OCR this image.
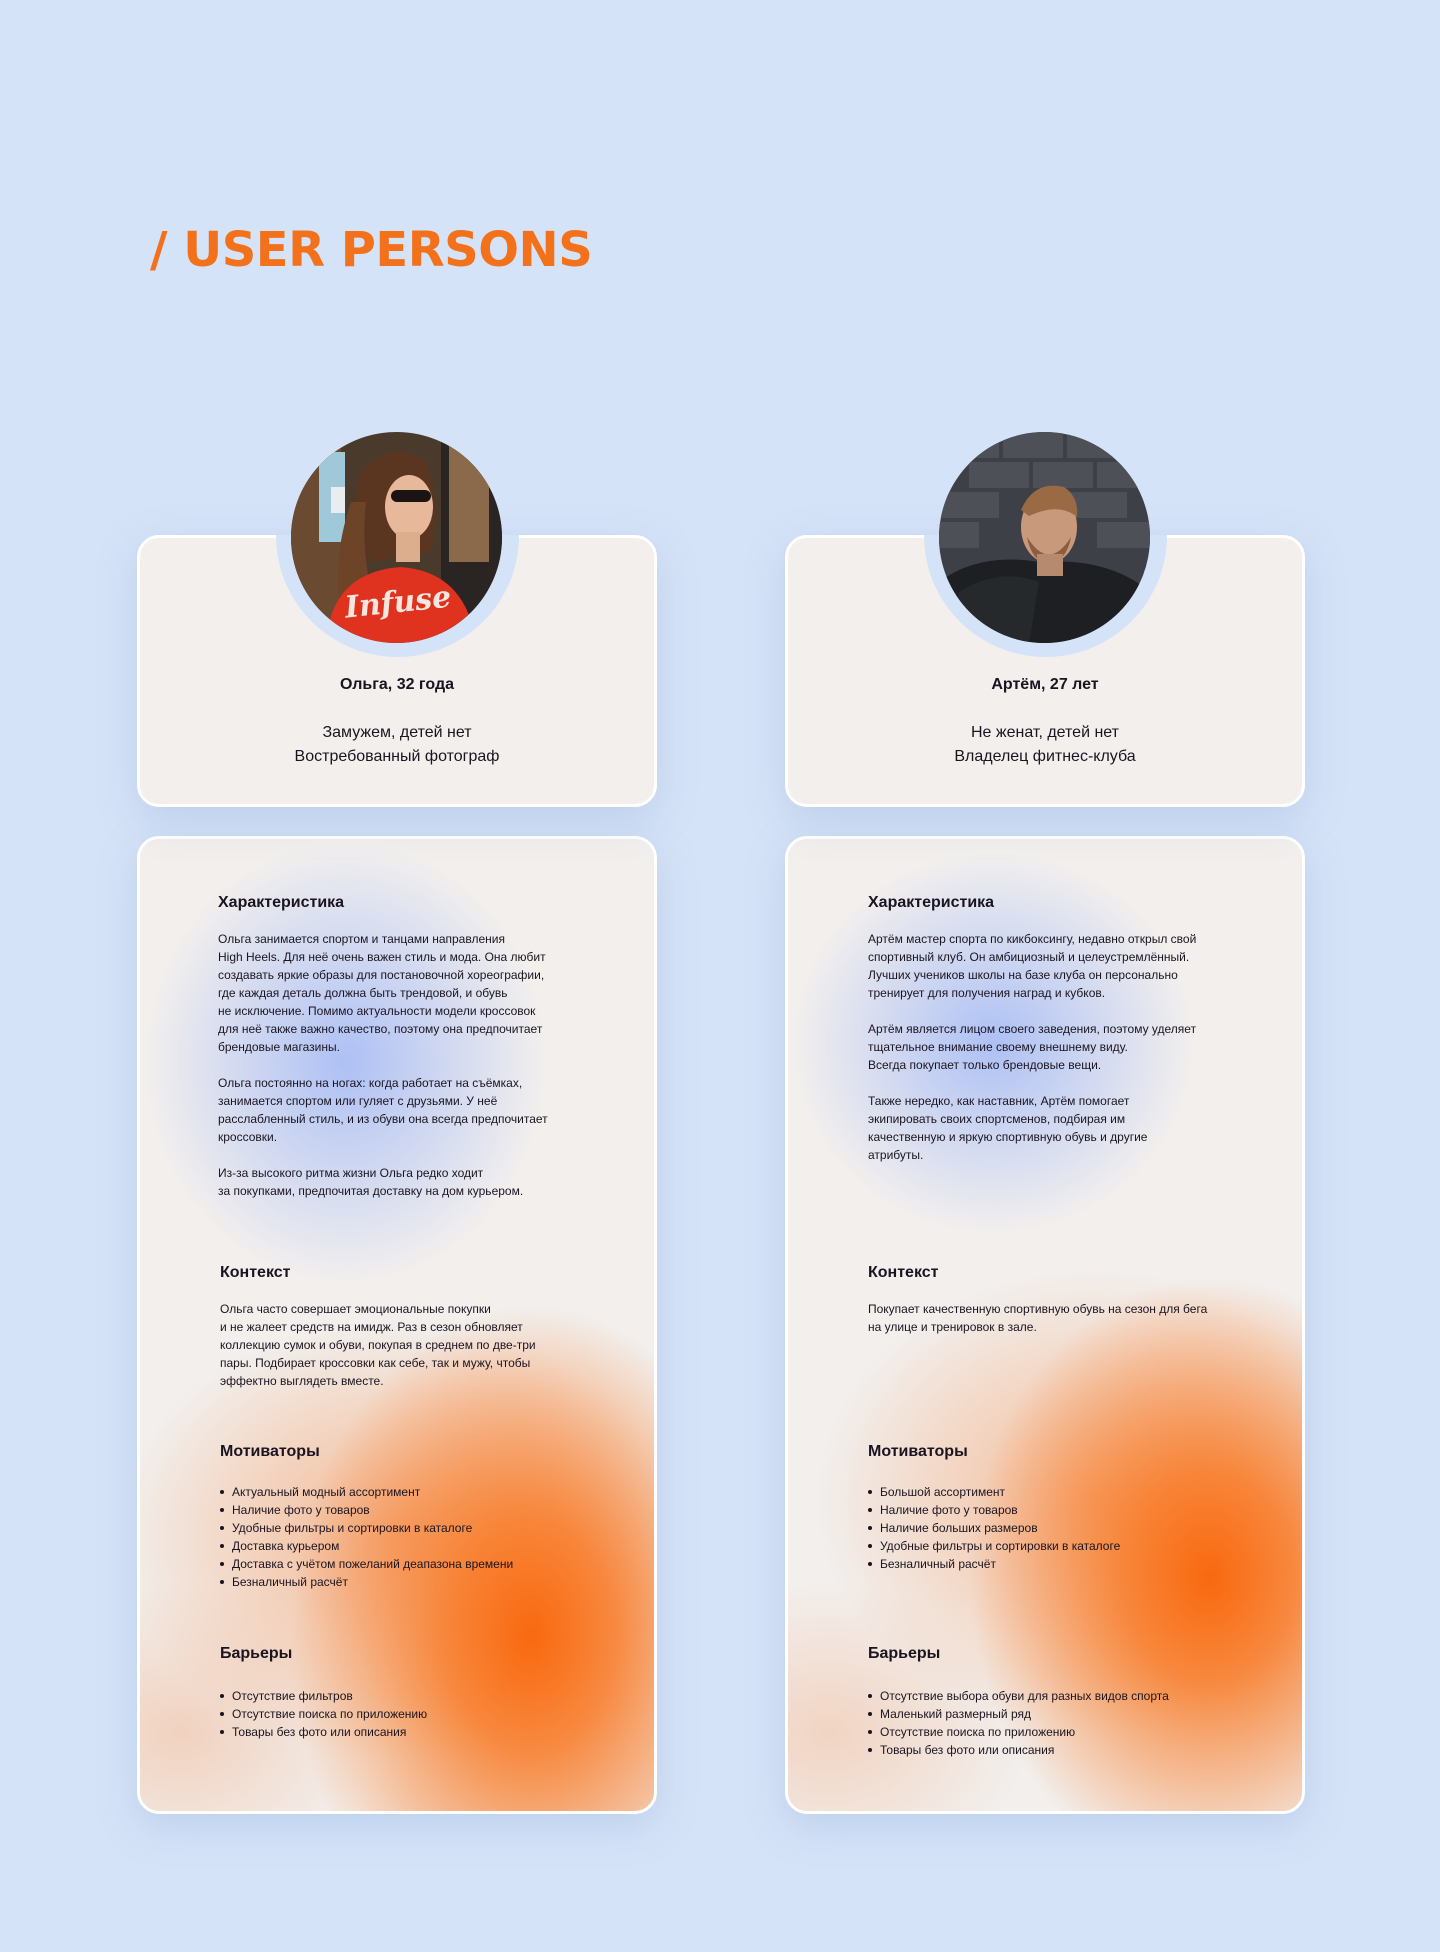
/ USER PERSONS
Infuse
Ольга, 32 года
Замужем, детей нет
Востребованный фотограф
Характеристика

Ольга занимается спортом и танцами направления
High Heels. Для неё очень важен стиль и мода. Она любит
создавать яркие образы для постановочной хореографии,
где каждая деталь должна быть трендовой, и обувь
не исключение. Помимо актуальности модели кроссовок
для неё также важно качество, поэтому она предпочитает
брендовые магазины.

Ольга постоянно на ногах: когда работает на съёмках,
занимается спортом или гуляет с друзьями. У неё
расслабленный стиль, и из обуви она всегда предпочитает
кроссовки.

Из-за высокого ритма жизни Ольга редко ходит
за покупками, предпочитая доставку на дом курьером.

Контекст

Ольга часто совершает эмоциональные покупки
и не жалеет средств на имидж. Раз в сезон обновляет
коллекцию сумок и обуви, покупая в среднем по две-три
пары. Подбирает кроссовки как себе, так и мужу, чтобы
эффектно выглядеть вместе.

Мотиваторы
Актуальный модный ассортимент
Наличие фото у товаров
Удобные фильтры и сортировки в каталоге
Доставка курьером
Доставка с учётом пожеланий деапазона времени
Безналичный расчёт
Барьеры
Отсутствие фильтров
Отсутствие поиска по приложению
Товары без фото или описания
Артём, 27 лет
Не женат, детей нет
Владелец фитнес-клуба
Характеристика

Артём мастер спорта по кикбоксингу, недавно открыл свой
спортивный клуб. Он амбициозный и целеустремлённый.
Лучших учеников школы на базе клуба он персонально
тренирует для получения наград и кубков.

Артём является лицом своего заведения, поэтому уделяет
тщательное внимание своему внешнему виду.
Всегда покупает только брендовые вещи.

Также нередко, как наставник, Артём помогает
экипировать своих спортсменов, подбирая им
качественную и яркую спортивную обувь и другие
атрибуты.

Контекст

Покупает качественную спортивную обувь на сезон для бега
на улице и тренировок в зале.

Мотиваторы
Большой ассортимент
Наличие фото у товаров
Наличие больших размеров
Удобные фильтры и сортировки в каталоге
Безналичный расчёт
Барьеры
Отсутствие выбора обуви для разных видов спорта
Маленький размерный ряд
Отсутствие поиска по приложению
Товары без фото или описания
